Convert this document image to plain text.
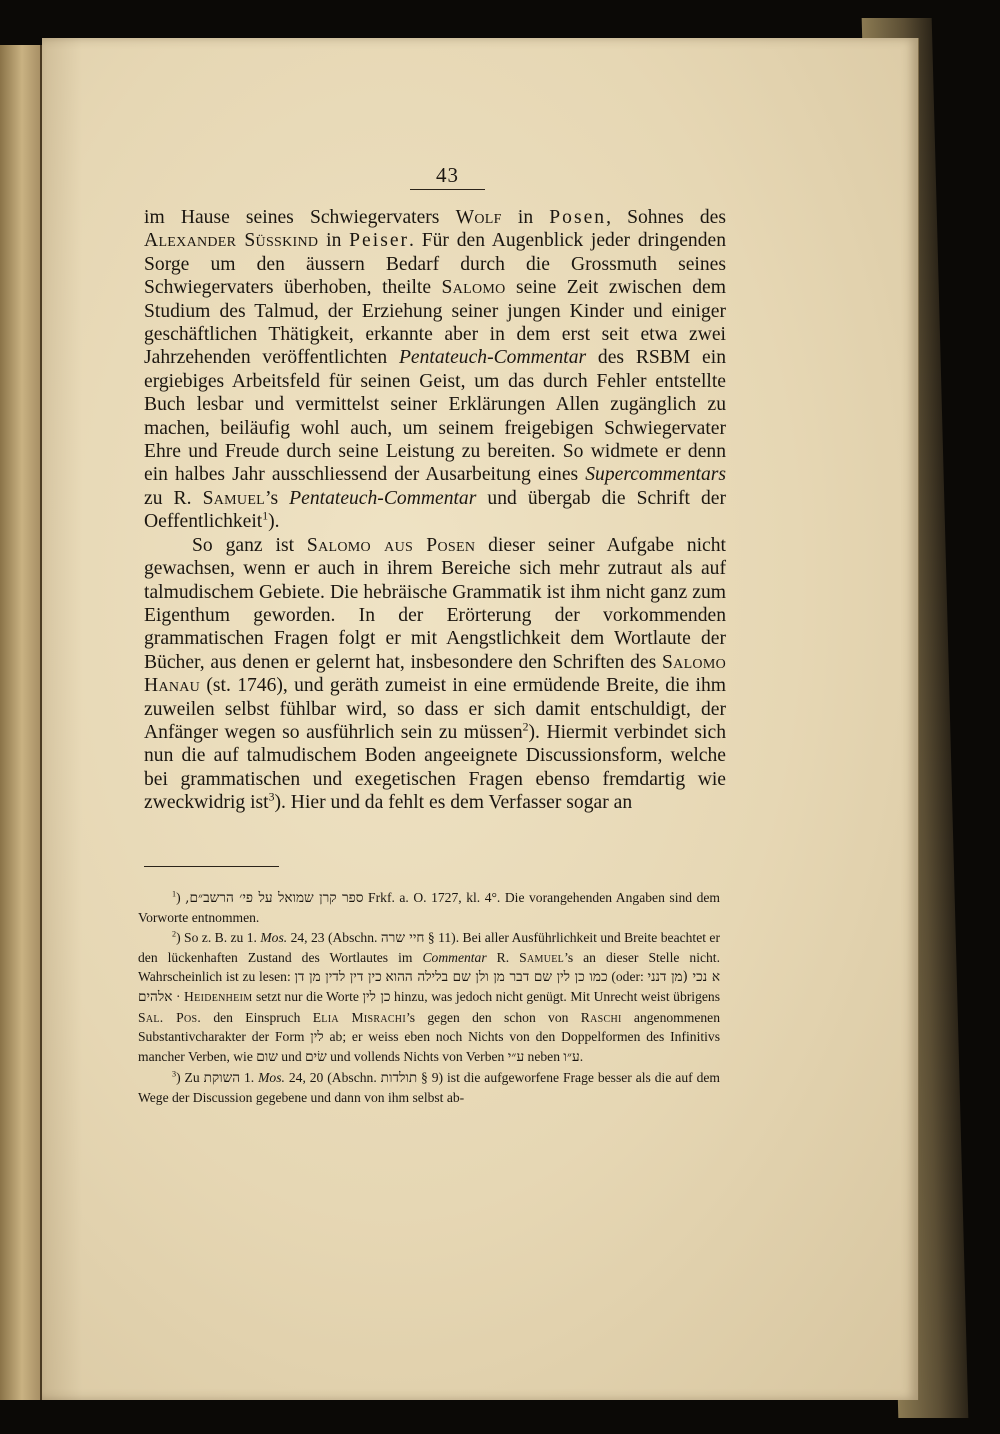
43

im Hause seines Schwiegervaters Wolf in Posen, Sohnes des Alexander Süsskind in Peiser. Für den Augenblick jeder dringenden Sorge um den äussern Bedarf durch die Grossmuth seines Schwiegervaters überhoben, theilte Salomo seine Zeit zwischen dem Studium des Talmud, der Erziehung seiner jungen Kinder und einiger geschäftlichen Thätigkeit, erkannte aber in dem erst seit etwa zwei Jahrzehenden veröffentlichten Pentateuch-Commentar des RSBM ein ergiebiges Arbeitsfeld für seinen Geist, um das durch Fehler entstellte Buch lesbar und vermittelst seiner Erklärungen Allen zugänglich zu machen, beiläufig wohl auch, um seinem freigebigen Schwiegervater Ehre und Freude durch seine Leistung zu bereiten. So widmete er denn ein halbes Jahr ausschliessend der Ausarbeitung eines Supercommentars zu R. Samuel’s Pentateuch-Commentar und übergab die Schrift der Oeffentlichkeit$^1$).

So ganz ist Salomo aus Posen dieser seiner Aufgabe nicht gewachsen, wenn er auch in ihrem Bereiche sich mehr zutraut als auf talmudischem Gebiete. Die hebräische Grammatik ist ihm nicht ganz zum Eigenthum geworden. In der Erörterung der vorkommenden grammatischen Fragen folgt er mit Aengstlichkeit dem Wortlaute der Bücher, aus denen er gelernt hat, insbesondere den Schriften des Salomo Hanau (st. 1746), und geräth zumeist in eine ermüdende Breite, die ihm zuweilen selbst fühlbar wird, so dass er sich damit entschuldigt, der Anfänger wegen so ausführlich sein zu müssen$^2$). Hiermit verbindet sich nun die auf talmudischem Boden angeeignete Discussionsform, welche bei grammatischen und exegetischen Fragen ebenso fremdartig wie zweckwidrig ist$^3$). Hier und da fehlt es dem Verfasser sogar an

$^1$) ספר קרן שמואל על פי׳ הרשב״ם, Frkf. a. O. 1727, kl. 4°. Die vorangehenden Angaben sind dem Vorworte entnommen.

$^2$) So z. B. zu 1. Mos. 24, 23 (Abschn. חיי שרה § 11). Bei aller Ausführlichkeit und Breite beachtet er den lückenhaften Zustand des Wortlautes im Commentar R. Samuel’s an dieser Stelle nicht. Wahrscheinlich ist zu lesen: כין דין לדין מן דן כמו כן לין שם דבר מן ולן שם בלילה ההוא (oder: א נכי (מן דנני אלהים · Heidenheim setzt nur die Worte כן לין hinzu, was jedoch nicht genügt. Mit Unrecht weist übrigens Sal. Pos. den Einspruch Elia Misrachi’s gegen den schon von Raschi angenommenen Substantivcharakter der Form לין ab; er weiss eben noch Nichts von den Doppelformen des Infinitivs mancher Verben, wie שום und שׂים und vollends Nichts von Verben ע״י neben ע״ו.

$^3$) Zu השוקת 1. Mos. 24, 20 (Abschn. תולדות § 9) ist die aufgeworfene Frage besser als die auf dem Wege der Discussion gegebene und dann von ihm selbst ab-
